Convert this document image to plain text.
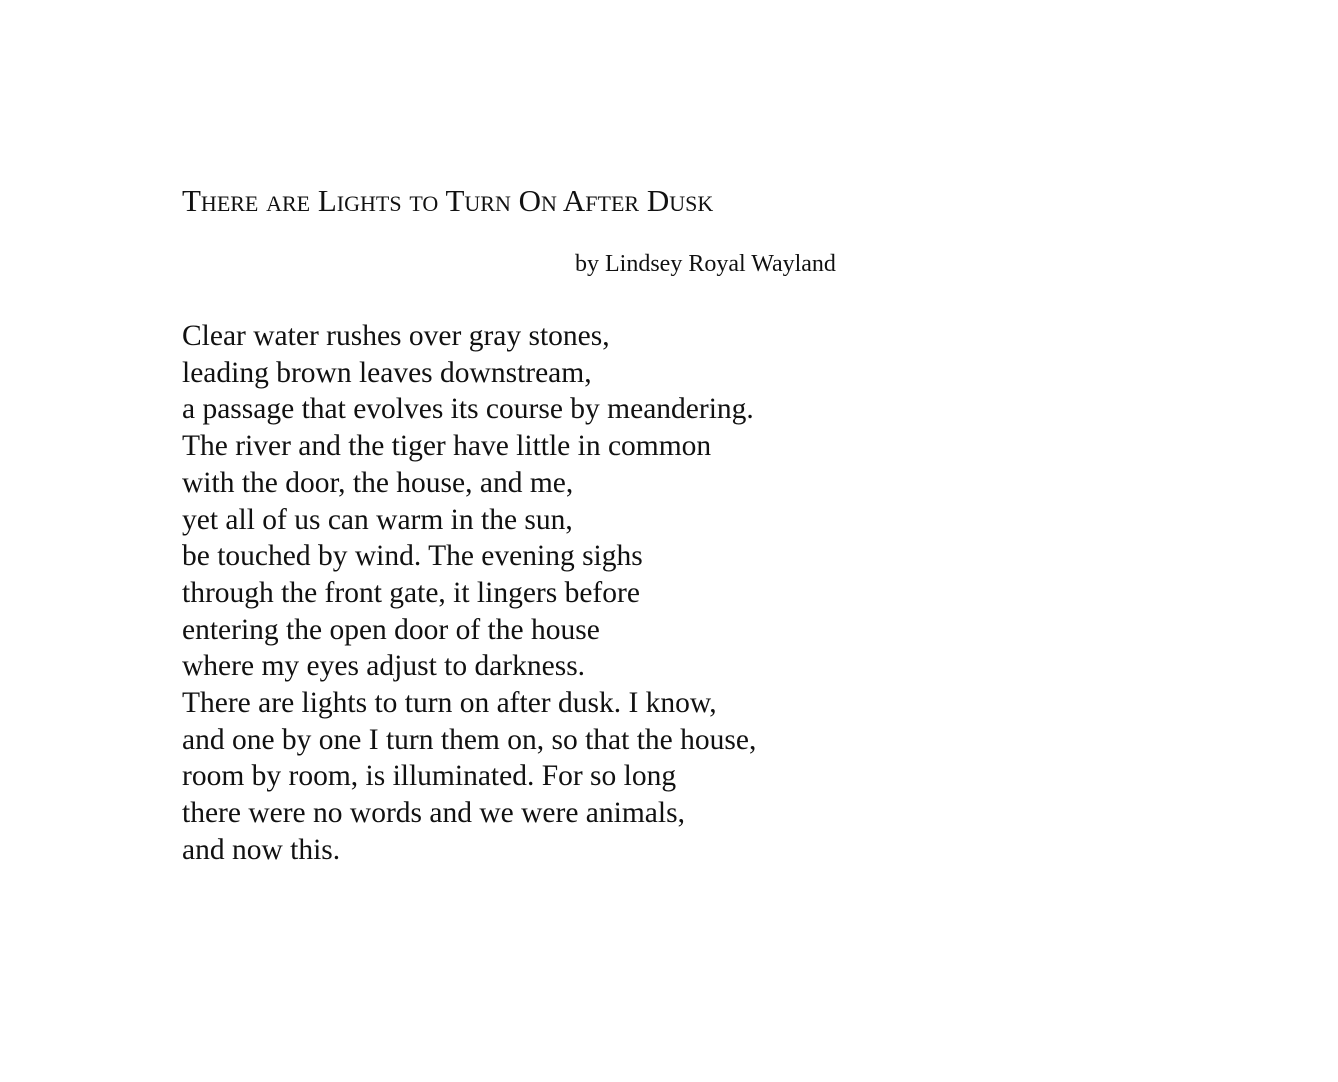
There are Lights to Turn On After Dusk

by Lindsey Royal Wayland

Clear water rushes over gray stones,
leading brown leaves downstream,
a passage that evolves its course by meandering.
The river and the tiger have little in common
with the door, the house, and me,
yet all of us can warm in the sun,
be touched by wind. The evening sighs
through the front gate, it lingers before
entering the open door of the house
where my eyes adjust to darkness.
There are lights to turn on after dusk. I know,
and one by one I turn them on, so that the house,
room by room, is illuminated. For so long
there were no words and we were animals,
and now this.
